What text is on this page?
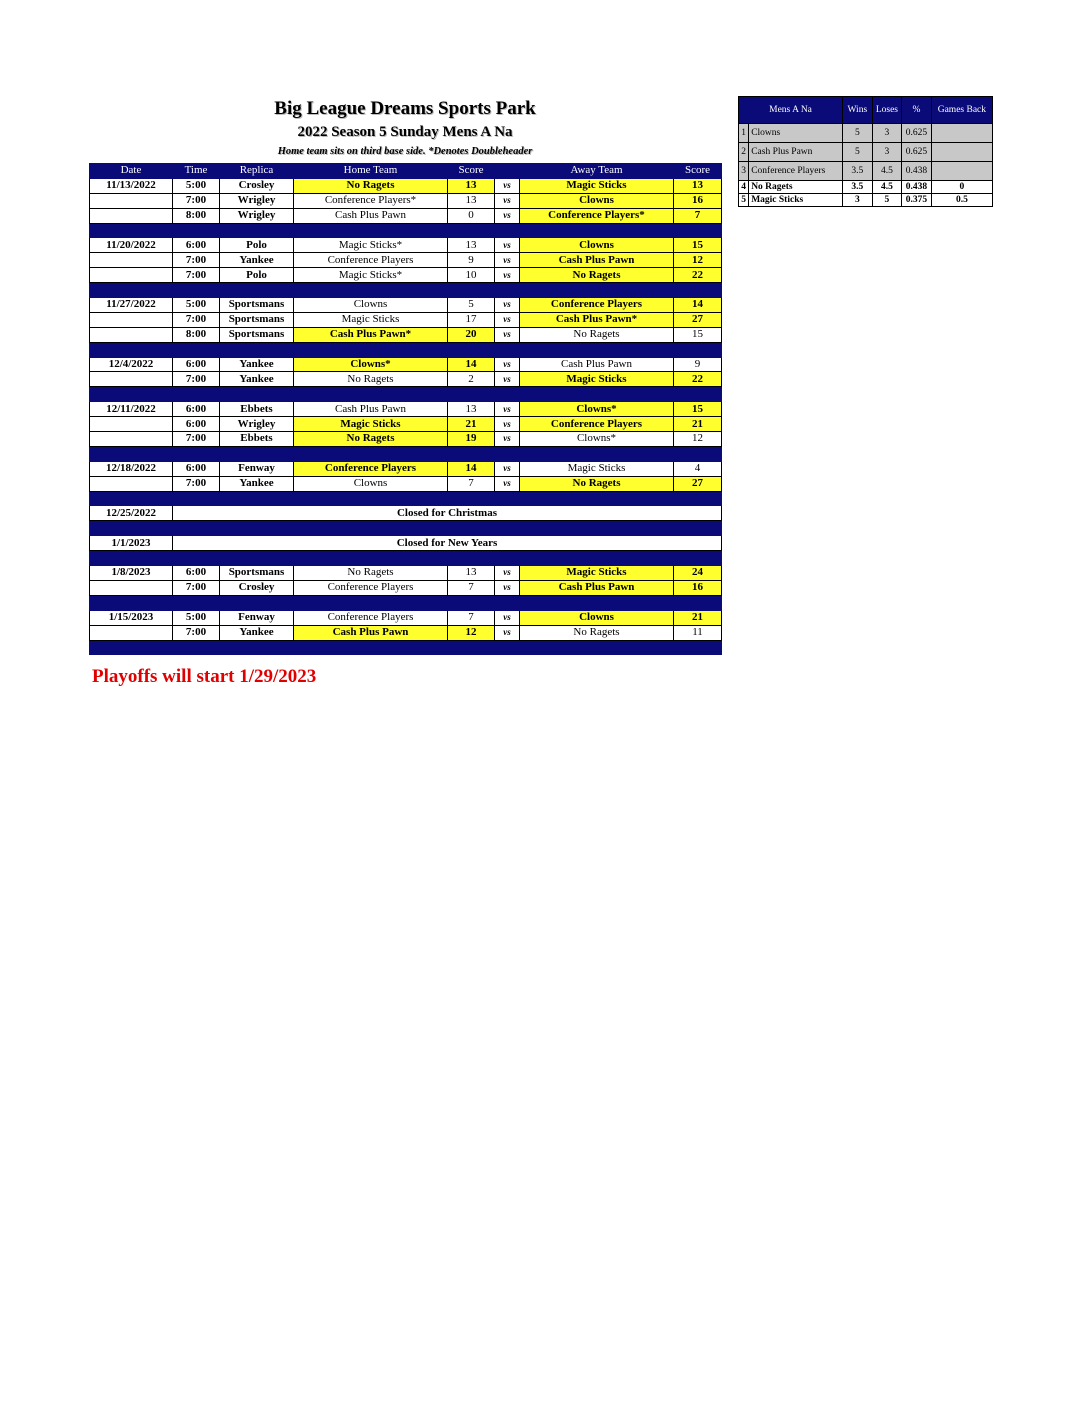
Big League Dreams Sports Park
2022 Season 5 Sunday Mens A Na
Home team sits on third base side. *Denotes Doubleheader
Date	Time	Replica	Home Team	Score		Away Team	Score
11/13/2022	5:00	Crosley	No Ragets	13	vs	Magic Sticks	13
	7:00	Wrigley	Conference Players*	13	vs	Clowns	16
	8:00	Wrigley	Cash Plus Pawn	0	vs	Conference Players*	7

11/20/2022	6:00	Polo	Magic Sticks*	13	vs	Clowns	15
	7:00	Yankee	Conference Players	9	vs	Cash Plus Pawn	12
	7:00	Polo	Magic Sticks*	10	vs	No Ragets	22

11/27/2022	5:00	Sportsmans	Clowns	5	vs	Conference Players	14
	7:00	Sportsmans	Magic Sticks	17	vs	Cash Plus Pawn*	27
	8:00	Sportsmans	Cash Plus Pawn*	20	vs	No Ragets	15

12/4/2022	6:00	Yankee	Clowns*	14	vs	Cash Plus Pawn	9
	7:00	Yankee	No Ragets	2	vs	Magic Sticks	22

12/11/2022	6:00	Ebbets	Cash Plus Pawn	13	vs	Clowns*	15
	6:00	Wrigley	Magic Sticks	21	vs	Conference Players	21
	7:00	Ebbets	No Ragets	19	vs	Clowns*	12

12/18/2022	6:00	Fenway	Conference Players	14	vs	Magic Sticks	4
	7:00	Yankee	Clowns	7	vs	No Ragets	27

12/25/2022	Closed for Christmas						

1/1/2023	Closed for New Years						

1/8/2023	6:00	Sportsmans	No Ragets	13	vs	Magic Sticks	24
	7:00	Crosley	Conference Players	7	vs	Cash Plus Pawn	16

1/15/2023	5:00	Fenway	Conference Players	7	vs	Clowns	21
	7:00	Yankee	Cash Plus Pawn	12	vs	No Ragets	11

Mens A Na		Wins	Loses	%	Games Back
1	Clowns	5	3	0.625	
2	Cash Plus Pawn	5	3	0.625	
3	Conference Players	3.5	4.5	0.438	
4	No Ragets	3.5	4.5	0.438	0
5	Magic Sticks	3	5	0.375	0.5
Playoffs will start 1/29/2023
